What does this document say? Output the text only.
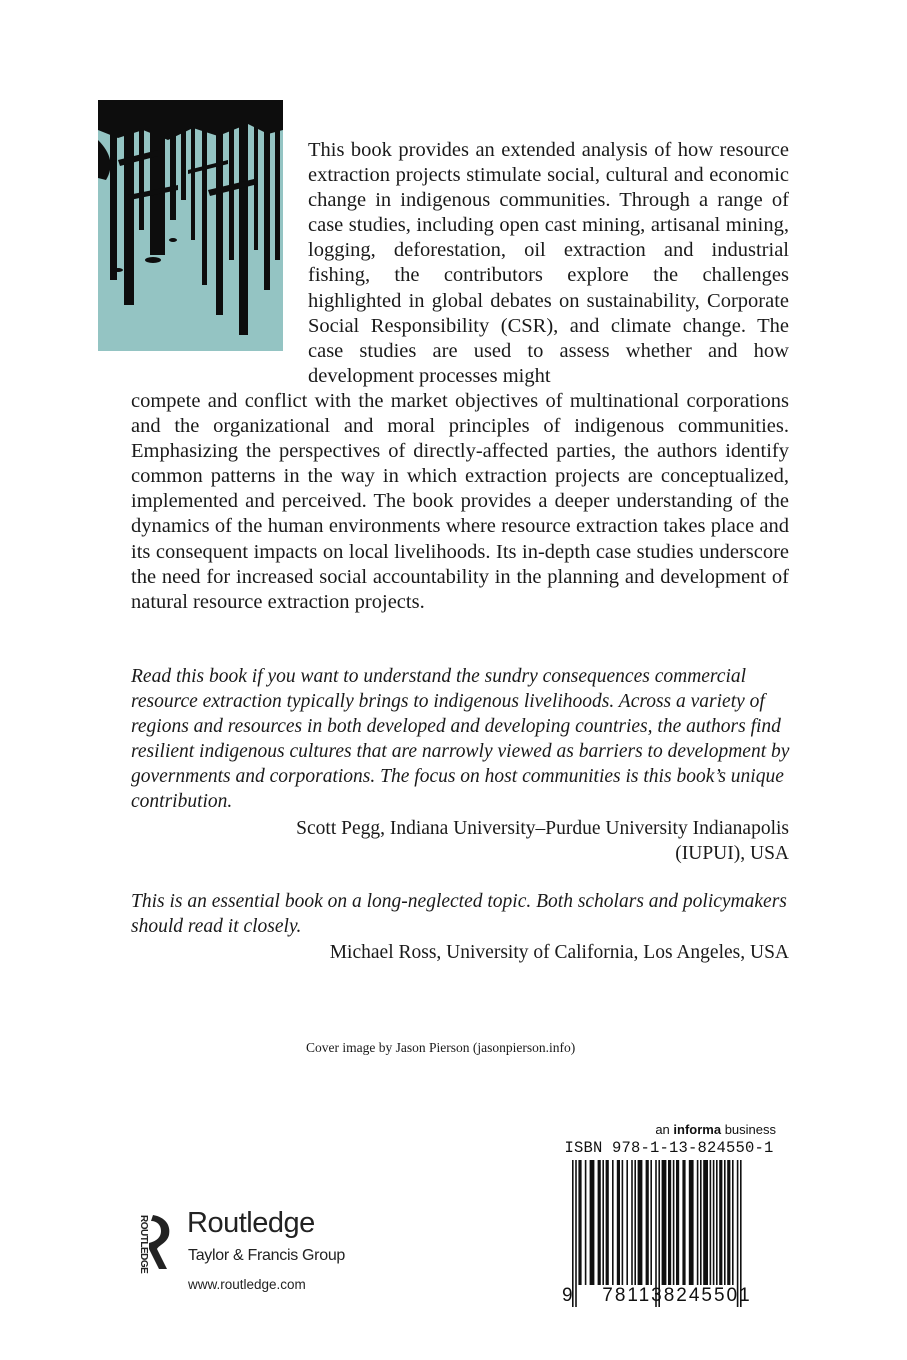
This book provides an extended analysis of how resource extraction projects stimulate social, cultural and economic change in indigenous communities. Through a range of case studies, including open cast mining, artisanal mining, logging, deforestation, oil extraction and industrial fishing, the contributors explore the challenges highlighted in global debates on sustainability, Corporate Social Responsibility (CSR), and climate change. The case studies are used to assess whether and how development processes might

compete and conflict with the market objectives of multinational corporations and the organizational and moral principles of indigenous communities. Emphasizing the perspectives of directly-affected parties, the authors identify common patterns in the way in which extraction projects are conceptualized, implemented and perceived. The book provides a deeper understanding of the dynamics of the human environments where resource extraction takes place and its consequent impacts on local livelihoods. Its in-depth case studies underscore the need for increased social accountability in the planning and development of natural resource extraction projects.

Read this book if you want to understand the sundry consequences commercial resource extraction typically brings to indigenous livelihoods. Across a variety of regions and resources in both developed and developing countries, the authors find resilient indigenous cultures that are narrowly viewed as barriers to development by governments and corporations. The focus on host communities is this book’s unique contribution.

Scott Pegg, Indiana University–Purdue University Indianapolis

(IUPUI), USA

This is an essential book on a long-neglected topic. Both scholars and policymakers should read it closely.

Michael Ross, University of California, Los Angeles, USA

Cover image by Jason Pierson (jasonpierson.info)
ROUTLEDGE Routledge
Taylor & Francis Group
www.routledge.com
an informa business
ISBN 978-1-13-824550-1
9	781138245501
